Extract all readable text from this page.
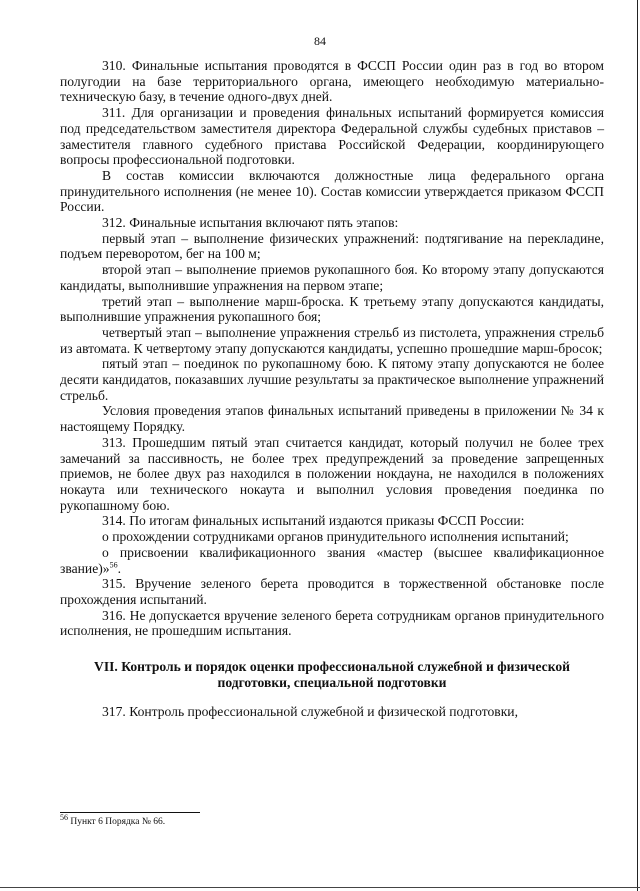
84

310. Финальные испытания проводятся в ФССП России один раз в год во втором полугодии на базе территориального органа, имеющего необходимую материально-техническую базу, в течение одного-двух дней.

311. Для организации и проведения финальных испытаний формируется комиссия под председательством заместителя директора Федеральной службы судебных приставов – заместителя главного судебного пристава Российской Федерации, координирующего вопросы профессиональной подготовки.

В состав комиссии включаются должностные лица федерального органа принудительного исполнения (не менее 10). Состав комиссии утверждается приказом ФССП России.

312. Финальные испытания включают пять этапов:

первый этап – выполнение физических упражнений: подтягивание на перекладине, подъем переворотом, бег на 100 м;

второй этап – выполнение приемов рукопашного боя. Ко второму этапу допускаются кандидаты, выполнившие упражнения на первом этапе;

третий этап – выполнение марш-броска. К третьему этапу допускаются кандидаты, выполнившие упражнения рукопашного боя;

четвертый этап – выполнение упражнения стрельб из пистолета, упражнения стрельб из автомата. К четвертому этапу допускаются кандидаты, успешно прошедшие марш-бросок;

пятый этап – поединок по рукопашному бою. К пятому этапу допускаются не более десяти кандидатов, показавших лучшие результаты за практическое выполнение упражнений стрельб.

Условия проведения этапов финальных испытаний приведены в приложении № 34 к настоящему Порядку.

313. Прошедшим пятый этап считается кандидат, который получил не более трех замечаний за пассивность, не более трех предупреждений за проведение запрещенных приемов, не более двух раз находился в положении нокдауна, не находился в положениях нокаута или технического нокаута и выполнил условия проведения поединка по рукопашному бою.

314. По итогам финальных испытаний издаются приказы ФССП России:

о прохождении сотрудниками органов принудительного исполнения испытаний;

о присвоении квалификационного звания «мастер (высшее квалификационное звание)»$^{56}$.

315. Вручение зеленого берета проводится в торжественной обстановке после прохождения испытаний.

316. Не допускается вручение зеленого берета сотрудникам органов принудительного исполнения, не прошедшим испытания.

VII. Контроль и порядок оценки профессиональной служебной и физической подготовки, специальной подготовки

317. Контроль профессиональной служебной и физической подготовки,

$^{56}$ Пункт 6 Порядка № 66.
